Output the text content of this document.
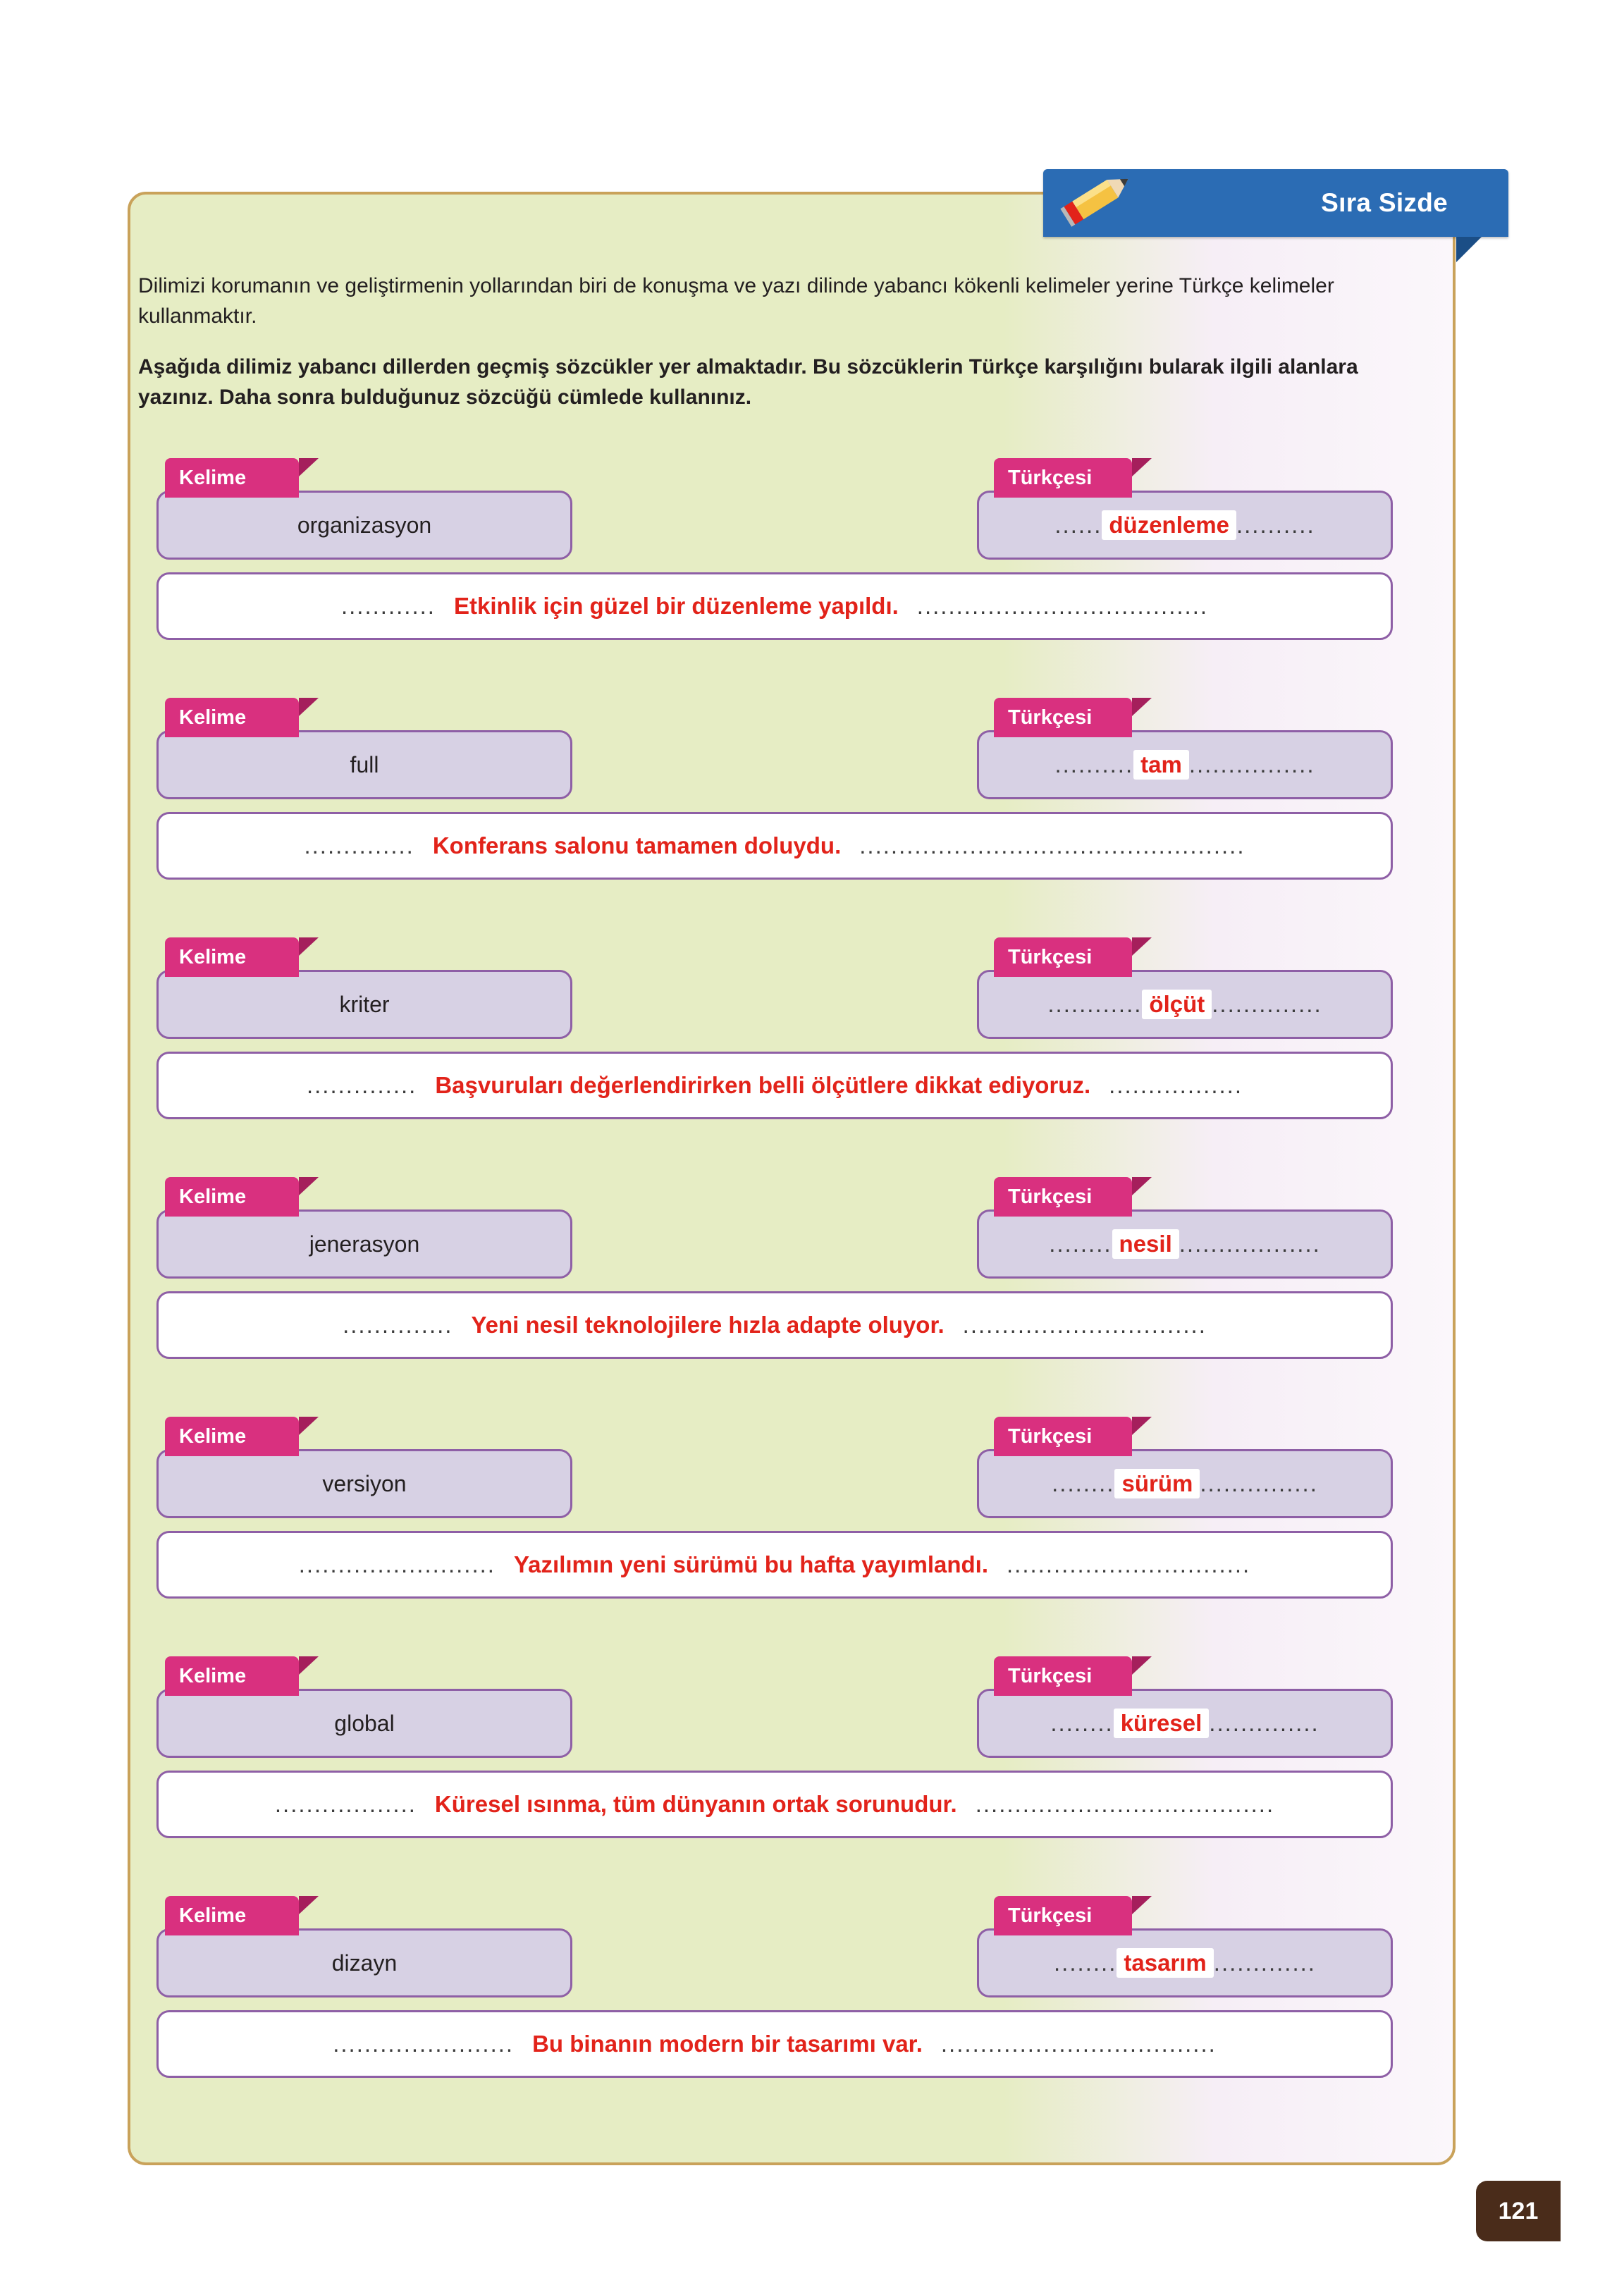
Sıra Sizde
Dilimizi korumanın ve geliştirmenin yollarından biri de konuşma ve yazı dilinde yabancı kökenli kelimeler yerine Türkçe kelimeler kullanmaktır.
Aşağıda dilimiz yabancı dillerden geçmiş sözcükler yer almaktadır. Bu sözcüklerin Türkçe karşılığını bularak ilgili alanlara yazınız. Daha sonra bulduğunuz sözcüğü cümlede kullanınız.
Kelime	Türkçesi
organizasyon	...... düzenleme ..........
............ Etkinlik için güzel bir düzenleme yapıldı. .....................................
Kelime	Türkçesi
full	.......... tam ................
.............. Konferans salonu tamamen doluydu. .................................................
Kelime	Türkçesi
kriter	............ ölçüt ..............
.............. Başvuruları değerlendirirken belli ölçütlere dikkat ediyoruz. .................
Kelime	Türkçesi
jenerasyon	........ nesil ..................
.............. Yeni nesil teknolojilere hızla adapte oluyor. ...............................
Kelime	Türkçesi
versiyon	........ sürüm ...............
......................... Yazılımın yeni sürümü bu hafta yayımlandı. ...............................
Kelime	Türkçesi
global	........ küresel ..............
.................. Küresel ısınma, tüm dünyanın ortak sorunudur. ......................................
Kelime	Türkçesi
dizayn	........ tasarım .............
....................... Bu binanın modern bir tasarımı var. ...................................
121
